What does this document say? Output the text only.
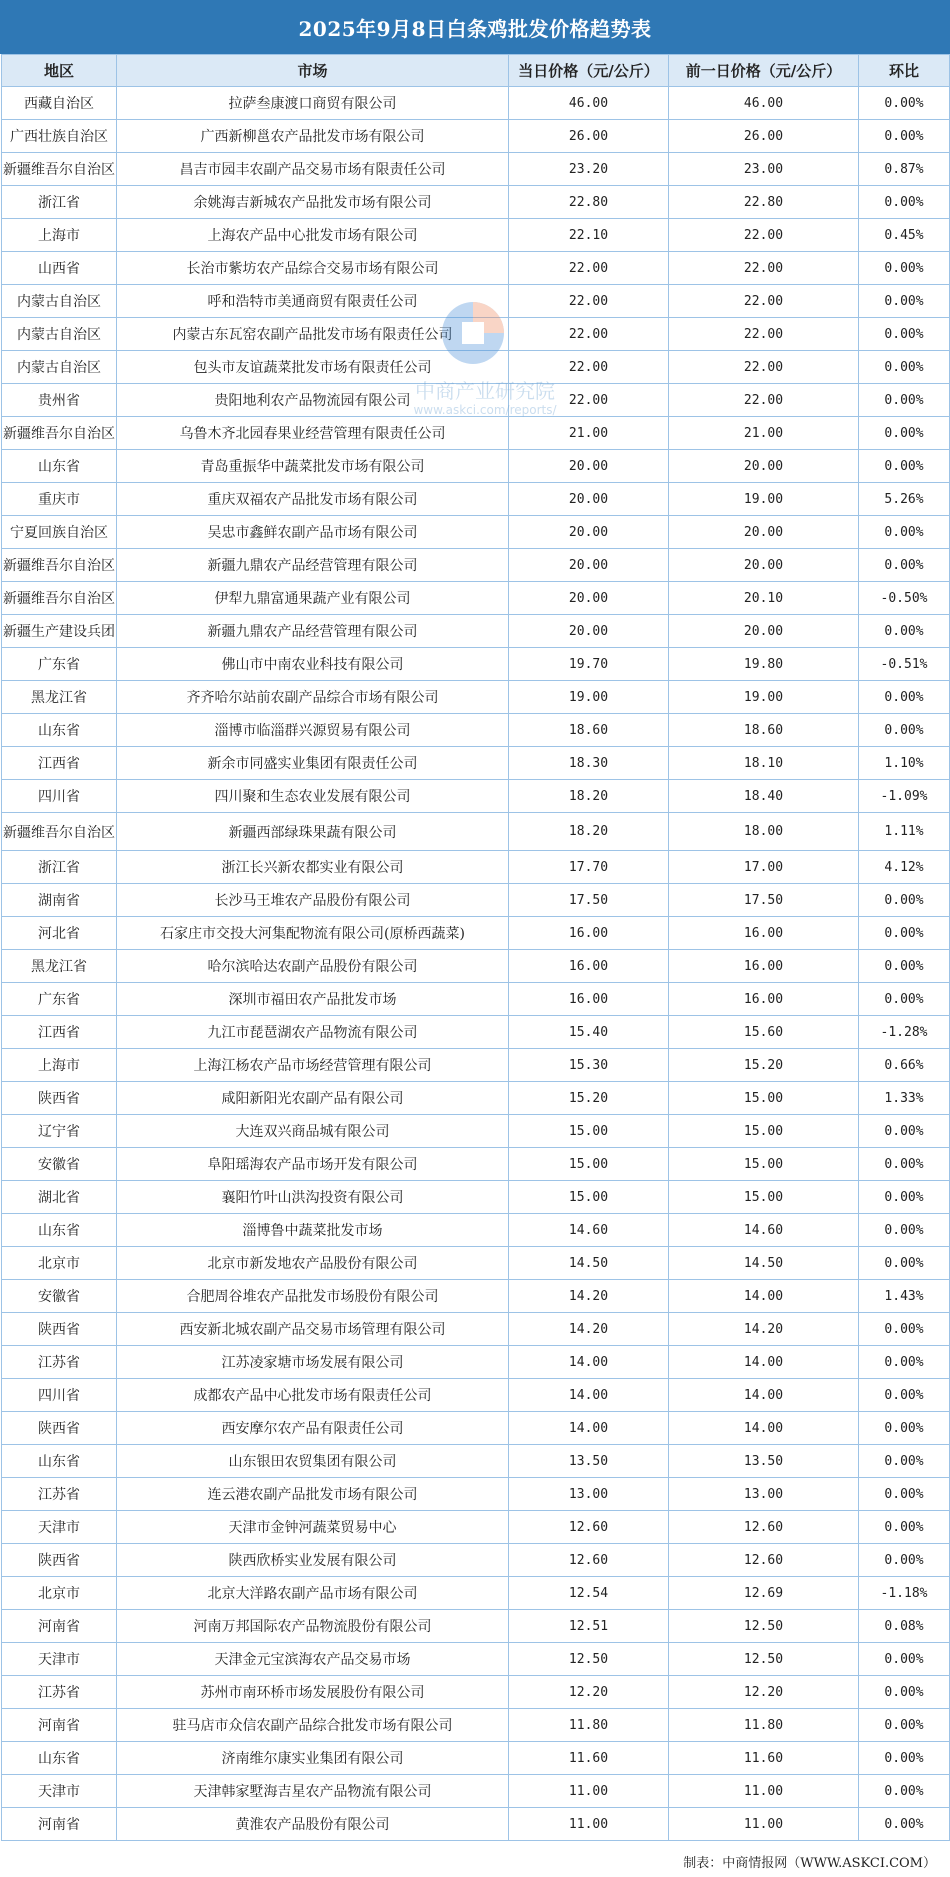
2025年9月8日白条鸡批发价格趋势表
地区	市场	当日价格（元/公斤）	前一日价格（元/公斤）	环比
西藏自治区	拉萨叁康渡口商贸有限公司	46.00	46.00	0.00%
广西壮族自治区	广西新柳邕农产品批发市场有限公司	26.00	26.00	0.00%
新疆维吾尔自治区	昌吉市园丰农副产品交易市场有限责任公司	23.20	23.00	0.87%
浙江省	余姚海吉新城农产品批发市场有限公司	22.80	22.80	0.00%
上海市	上海农产品中心批发市场有限公司	22.10	22.00	0.45%
山西省	长治市紫坊农产品综合交易市场有限公司	22.00	22.00	0.00%
内蒙古自治区	呼和浩特市美通商贸有限责任公司	22.00	22.00	0.00%
内蒙古自治区	内蒙古东瓦窑农副产品批发市场有限责任公司	22.00	22.00	0.00%
内蒙古自治区	包头市友谊蔬菜批发市场有限责任公司	22.00	22.00	0.00%
贵州省	贵阳地利农产品物流园有限公司	22.00	22.00	0.00%
新疆维吾尔自治区	乌鲁木齐北园春果业经营管理有限责任公司	21.00	21.00	0.00%
山东省	青岛重振华中蔬菜批发市场有限公司	20.00	20.00	0.00%
重庆市	重庆双福农产品批发市场有限公司	20.00	19.00	5.26%
宁夏回族自治区	吴忠市鑫鲜农副产品市场有限公司	20.00	20.00	0.00%
新疆维吾尔自治区	新疆九鼎农产品经营管理有限公司	20.00	20.00	0.00%
新疆维吾尔自治区	伊犁九鼎富通果蔬产业有限公司	20.00	20.10	-0.50%
新疆生产建设兵团	新疆九鼎农产品经营管理有限公司	20.00	20.00	0.00%
广东省	佛山市中南农业科技有限公司	19.70	19.80	-0.51%
黑龙江省	齐齐哈尔站前农副产品综合市场有限公司	19.00	19.00	0.00%
山东省	淄博市临淄群兴源贸易有限公司	18.60	18.60	0.00%
江西省	新余市同盛实业集团有限责任公司	18.30	18.10	1.10%
四川省	四川聚和生态农业发展有限公司	18.20	18.40	-1.09%
新疆维吾尔自治区	新疆西部绿珠果蔬有限公司	18.20	18.00	1.11%
浙江省	浙江长兴新农都实业有限公司	17.70	17.00	4.12%
湖南省	长沙马王堆农产品股份有限公司	17.50	17.50	0.00%
河北省	石家庄市交投大河集配物流有限公司(原桥西蔬菜)	16.00	16.00	0.00%
黑龙江省	哈尔滨哈达农副产品股份有限公司	16.00	16.00	0.00%
广东省	深圳市福田农产品批发市场	16.00	16.00	0.00%
江西省	九江市琵琶湖农产品物流有限公司	15.40	15.60	-1.28%
上海市	上海江杨农产品市场经营管理有限公司	15.30	15.20	0.66%
陕西省	咸阳新阳光农副产品有限公司	15.20	15.00	1.33%
辽宁省	大连双兴商品城有限公司	15.00	15.00	0.00%
安徽省	阜阳瑶海农产品市场开发有限公司	15.00	15.00	0.00%
湖北省	襄阳竹叶山洪沟投资有限公司	15.00	15.00	0.00%
山东省	淄博鲁中蔬菜批发市场	14.60	14.60	0.00%
北京市	北京市新发地农产品股份有限公司	14.50	14.50	0.00%
安徽省	合肥周谷堆农产品批发市场股份有限公司	14.20	14.00	1.43%
陕西省	西安新北城农副产品交易市场管理有限公司	14.20	14.20	0.00%
江苏省	江苏凌家塘市场发展有限公司	14.00	14.00	0.00%
四川省	成都农产品中心批发市场有限责任公司	14.00	14.00	0.00%
陕西省	西安摩尔农产品有限责任公司	14.00	14.00	0.00%
山东省	山东银田农贸集团有限公司	13.50	13.50	0.00%
江苏省	连云港农副产品批发市场有限公司	13.00	13.00	0.00%
天津市	天津市金钟河蔬菜贸易中心	12.60	12.60	0.00%
陕西省	陕西欣桥实业发展有限公司	12.60	12.60	0.00%
北京市	北京大洋路农副产品市场有限公司	12.54	12.69	-1.18%
河南省	河南万邦国际农产品物流股份有限公司	12.51	12.50	0.08%
天津市	天津金元宝滨海农产品交易市场	12.50	12.50	0.00%
江苏省	苏州市南环桥市场发展股份有限公司	12.20	12.20	0.00%
河南省	驻马店市众信农副产品综合批发市场有限公司	11.80	11.80	0.00%
山东省	济南维尔康实业集团有限公司	11.60	11.60	0.00%
天津市	天津韩家墅海吉星农产品物流有限公司	11.00	11.00	0.00%
河南省	黄淮农产品股份有限公司	11.00	11.00	0.00%
中商产业研究院
www.askci.com/reports/
制表：中商情报网（WWW.ASKCI.COM）
